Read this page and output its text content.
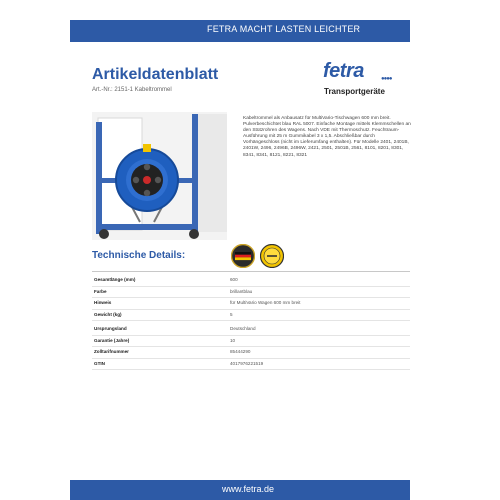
FETRA MACHT LASTEN LEICHTER
Artikeldatenblatt
Art.-Nr.: 2151-1 Kabeltrommel
fetra	●●●●
Transportgeräte
Kabeltrommel als Anbausatz für MultiVario-Tischwagen 600 mm breit. Pulverbeschichtet blau RAL 5007. Einfache Montage mittels Klemmschellen an den Stützrohren des Wagens. Nach VDE mit Thermoschutz. Feuchtraum-Ausführung mit 25 m Gummikabel 3 x 1,5. Abschließbar durch Vorhängeschloss (nicht im Lieferumfang enthalten). Für Modelle 2401, 2401B, 2401W, 2496, 2496B, 2496W, 2421, 2501, 2501B, 2561, 8101, 8201, 8301, 8341, 8341, 8121, 8221, 8321
Technische Details:
Gesamtlänge (mm)	600
Farbe	brillantblau
Hinweis	für MultiVario Wagen 600 mm breit
Gewicht (kg)	5
Ursprungsland	Deutschland
Garantie (Jahre)	10
Zolltarifnummer	85444290
GTIN	4017976221519
www.fetra.de
